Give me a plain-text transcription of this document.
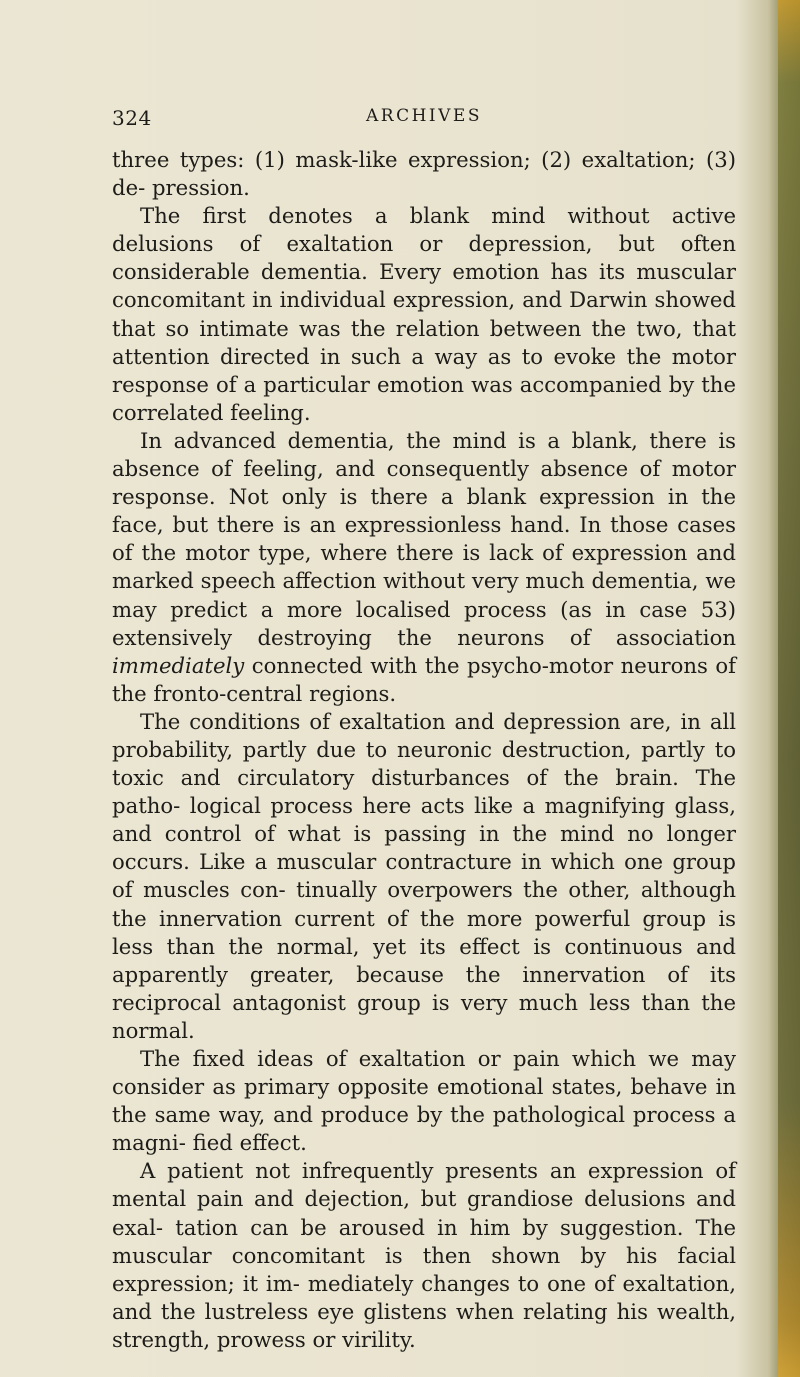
324	ARCHIVES

three types: (1) mask-like expression; (2) exaltation; (3) de- pression.

The first denotes a blank mind without active delusions of exaltation or depression, but often considerable dementia. Every emotion has its muscular concomitant in individual expression, and Darwin showed that so intimate was the relation between the two, that attention directed in such a way as to evoke the motor response of a particular emotion was accompanied by the correlated feeling.

In advanced dementia, the mind is a blank, there is absence of feeling, and consequently absence of motor response. Not only is there a blank expression in the face, but there is an expressionless hand. In those cases of the motor type, where there is lack of expression and marked speech affection without very much dementia, we may predict a more localised process (as in case 53) extensively destroying the neurons of association immediately connected with the psycho-motor neurons of the fronto-central regions.

The conditions of exaltation and depression are, in all probability, partly due to neuronic destruction, partly to toxic and circulatory disturbances of the brain. The patho- logical process here acts like a magnifying glass, and control of what is passing in the mind no longer occurs. Like a muscular contracture in which one group of muscles con- tinually overpowers the other, although the innervation current of the more powerful group is less than the normal, yet its effect is continuous and apparently greater, because the innervation of its reciprocal antagonist group is very much less than the normal.

The fixed ideas of exaltation or pain which we may consider as primary opposite emotional states, behave in the same way, and produce by the pathological process a magni- fied effect.

A patient not infrequently presents an expression of mental pain and dejection, but grandiose delusions and exal- tation can be aroused in him by suggestion. The muscular concomitant is then shown by his facial expression; it im- mediately changes to one of exaltation, and the lustreless eye glistens when relating his wealth, strength, prowess or virility.
